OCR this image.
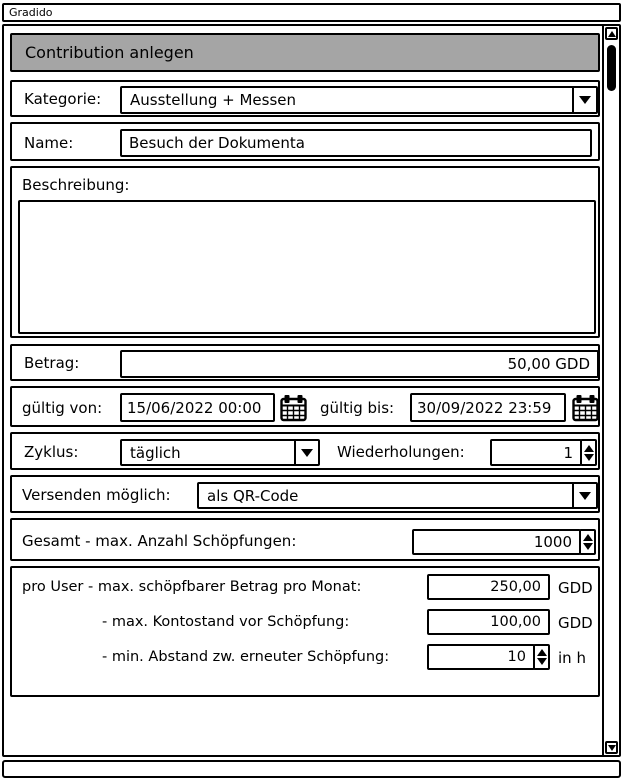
Gradido
Contribution anlegen
Kategorie: Ausstellung + Messen
Name:
Besuch der Dokumenta
Beschreibung:
Betrag:
50,00 GDD
gültig von:
15/06/2022 00:00	gültig bis:
30/09/2022 23:59
Zyklus:	täglich	Wiederholungen:	1
Versenden möglich: als QR-Code
Gesamt - max. Anzahl Schöpfungen:	1000
pro User - max. schöpfbarer Betrag pro Monat:
250,00	GDD
- max. Kontostand vor Schöpfung:
100,00	GDD
- min. Abstand zw. erneuter Schöpfung:	10	in h
